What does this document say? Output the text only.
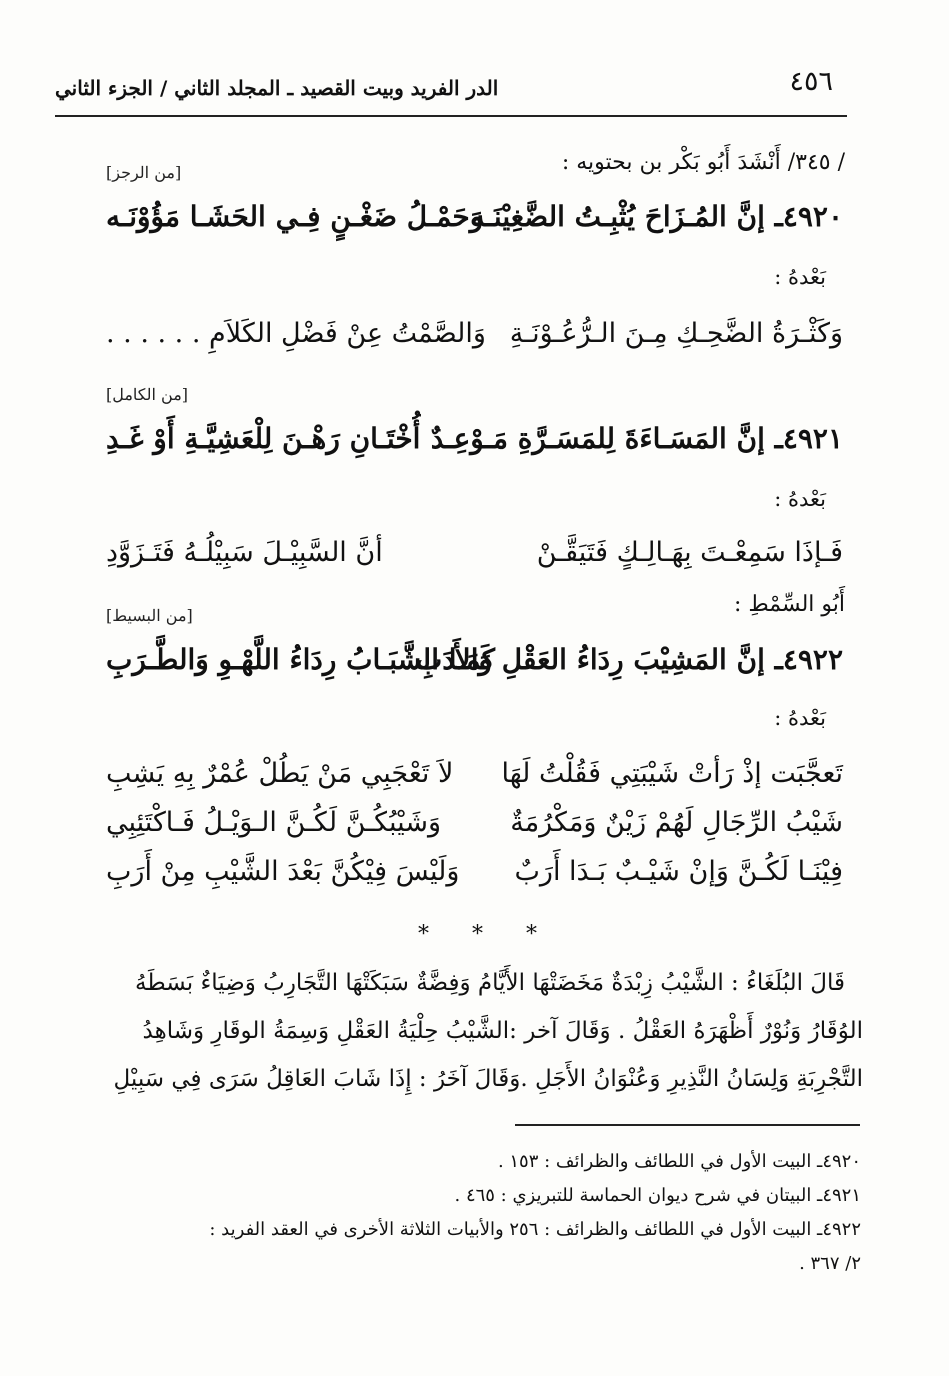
٤٥٦
الدر الفريد وبيت القصيد ـ المجلد الثاني / الجزء الثاني
/ ٣٤٥/ أَنْشَدَ أَبُو بَكْر بن بحتويه :
[من الرجز]
٤٩٢٠ـ إنَّ المُـزَاحَ يُثْبِـتُ الضَّغِيْنَـه
وَحَمْـلُ ضَغْـنٍ فِـي الحَشَـا مَؤُوْنَـه
بَعْدهُ :
وَكَثْـرَةُ الضَّحِـكِ مِـنَ الـرُّعُـوْنَـةِ
وَالصَّمْتُ عِنْ فَضْلِ الكَلاَمِ . . . . . .
[من الكامل]
٤٩٢١ـ إنَّ المَسَـاءَةَ لِلمَسَـرَّةِ مَـوْعِـدٌ
أُخْتَـانِ رَهْـنَ لِلْعَشِيَّـةِ أَوْ غَـدِ
بَعْدهُ :
فَـإذَا سَمِعْـتَ بِهَـالِـكٍ فَتَيَقَّـنْ
أنَّ السَّبِيْـلَ سَبِيْلُـهُ فَتَـزَوَّدِ
أَبُو السِّمْطِ :
[من البسيط]
٤٩٢٢ـ إنَّ المَشِيْبَ رِدَاءُ العَقْلِ وَالأَدَبِ
كَمَـا الشَّبَـابُ رِدَاءُ اللَّهْـوِ وَالطَّـرَبِ
بَعْدهُ :
تَعجَّبَت إذْ رَأتْ شَيْبَتِي فَقُلْتُ لَهَا
لاَ تَعْجَبِي مَنْ يَطُلْ عُمْرٌ بِهِ يَشِبِ
شَيْبُ الرِّجَالِ لَهُمْ زَيْنٌ وَمَكْرُمَةٌ
وَشَيْبُكُـنَّ لَكُـنَّ الـوَيْـلُ فَـاكْتَئِبِي
فِيْنَـا لَكُـنَّ وَإنْ شَيْـبٌ بَـدَا أَرَبٌ
وَلَيْسَ فِيْكُنَّ بَعْدَ الشَّيْبِ مِنْ أَرَبِ
* * *
قَالَ البُلَغَاءُ : الشَّيْبُ زِبْدَةٌ مَخَضَتْهَا الأَيَّامُ وَفِضَّةٌ سَبَكَتْهَا التَّجَارِبُ وَضِيَاءٌ بَسَطَهُ
الوُقَارُ وَنُوْرٌ أَظْهَرَهُ العَقْلُ . وَقَالَ آخر :الشَّيْبُ حِلْيَةُ العَقْلِ وَسِمَةُ الوقَارِ وَشَاهِدُ
التَّجْرِبَةِ وَلِسَانُ النَّذِيرِ وَعُنْوَانُ الأَجَلِ .وَقَالَ آخَرُ : إِذَا شَابَ العَاقِلُ سَرَى فِي سَبِيْلِ
٤٩٢٠ـ البيت الأول في اللطائف والظرائف : ١٥٣ .
٤٩٢١ـ البيتان في شرح ديوان الحماسة للتبريزي : ٤٦٥ .
٤٩٢٢ـ البيت الأول في اللطائف والظرائف : ٢٥٦ والأبيات الثلاثة الأخرى في العقد الفريد :
٢/ ٣٦٧ .
